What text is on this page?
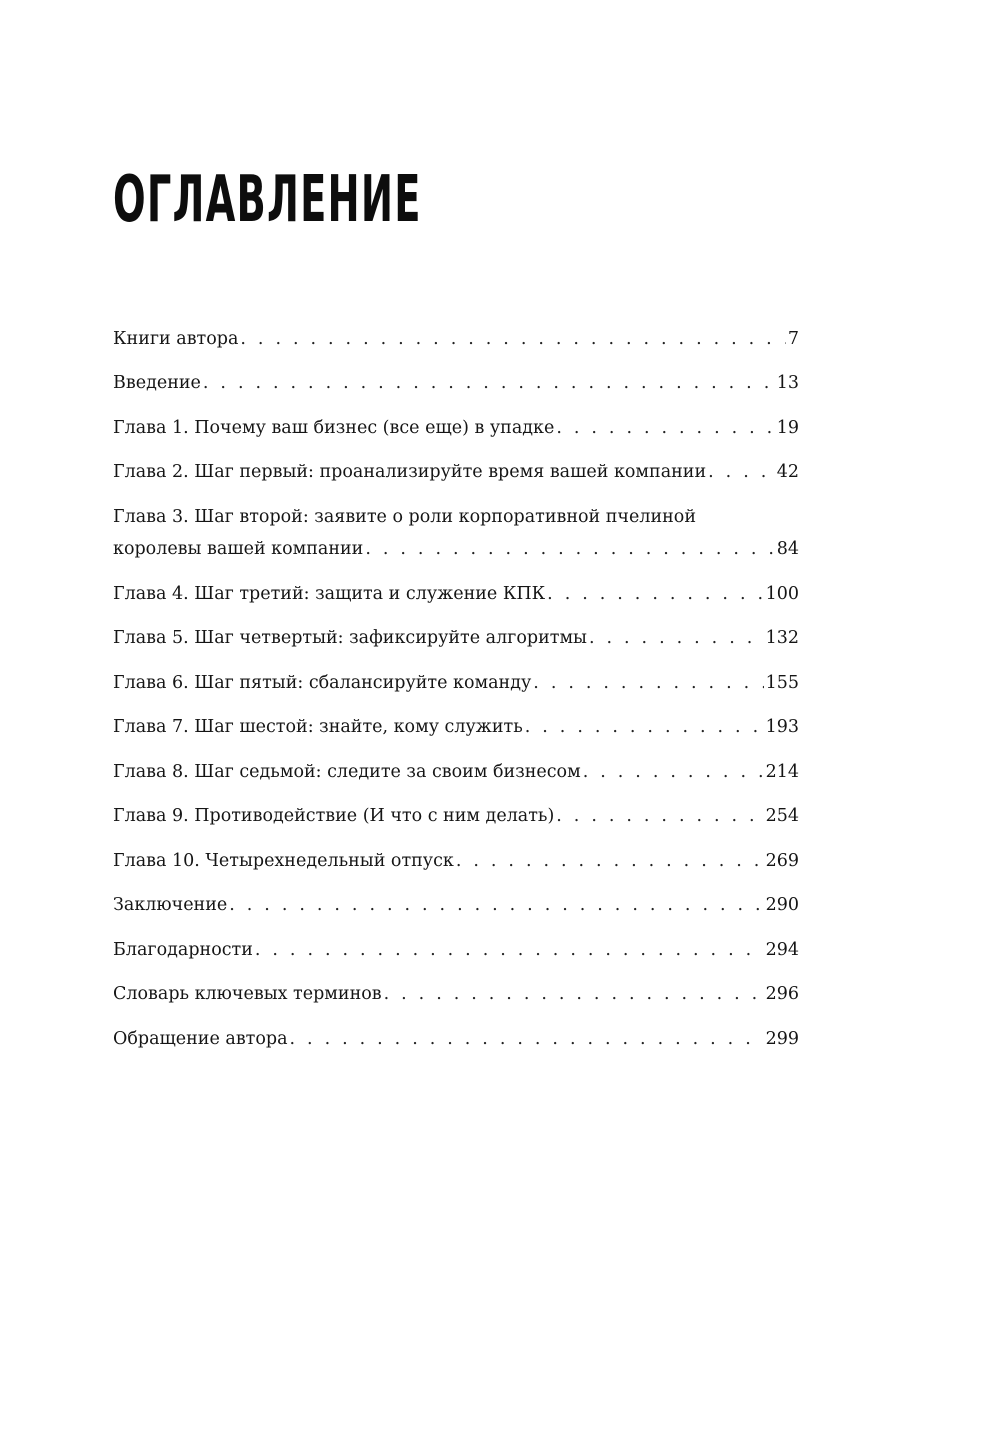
ОГЛАВЛЕНИЕ
Книги автора . . .	7
Введение . . .	13
Глава 1. Почему ваш бизнес (все еще) в упадке . . .	19
Глава 2. Шаг первый: проанализируйте время вашей компании . . .	42
Глава 3. Шаг второй: заявите о роли корпоративной пчелиной
королевы вашей компании . . .	84
Глава 4. Шаг третий: защита и служение КПК . . .	100
Глава 5. Шаг четвертый: зафиксируйте алгоритмы . . .	132
Глава 6. Шаг пятый: сбалансируйте команду . . .	155
Глава 7. Шаг шестой: знайте, кому служить . . .	193
Глава 8. Шаг седьмой: следите за своим бизнесом . . .	214
Глава 9. Противодействие (И что с ним делать) . . .	254
Глава 10. Четырехнедельный отпуск . . .	269
Заключение . . .	290
Благодарности . . .	294
Словарь ключевых терминов . . .	296
Обращение автора . . .	299
